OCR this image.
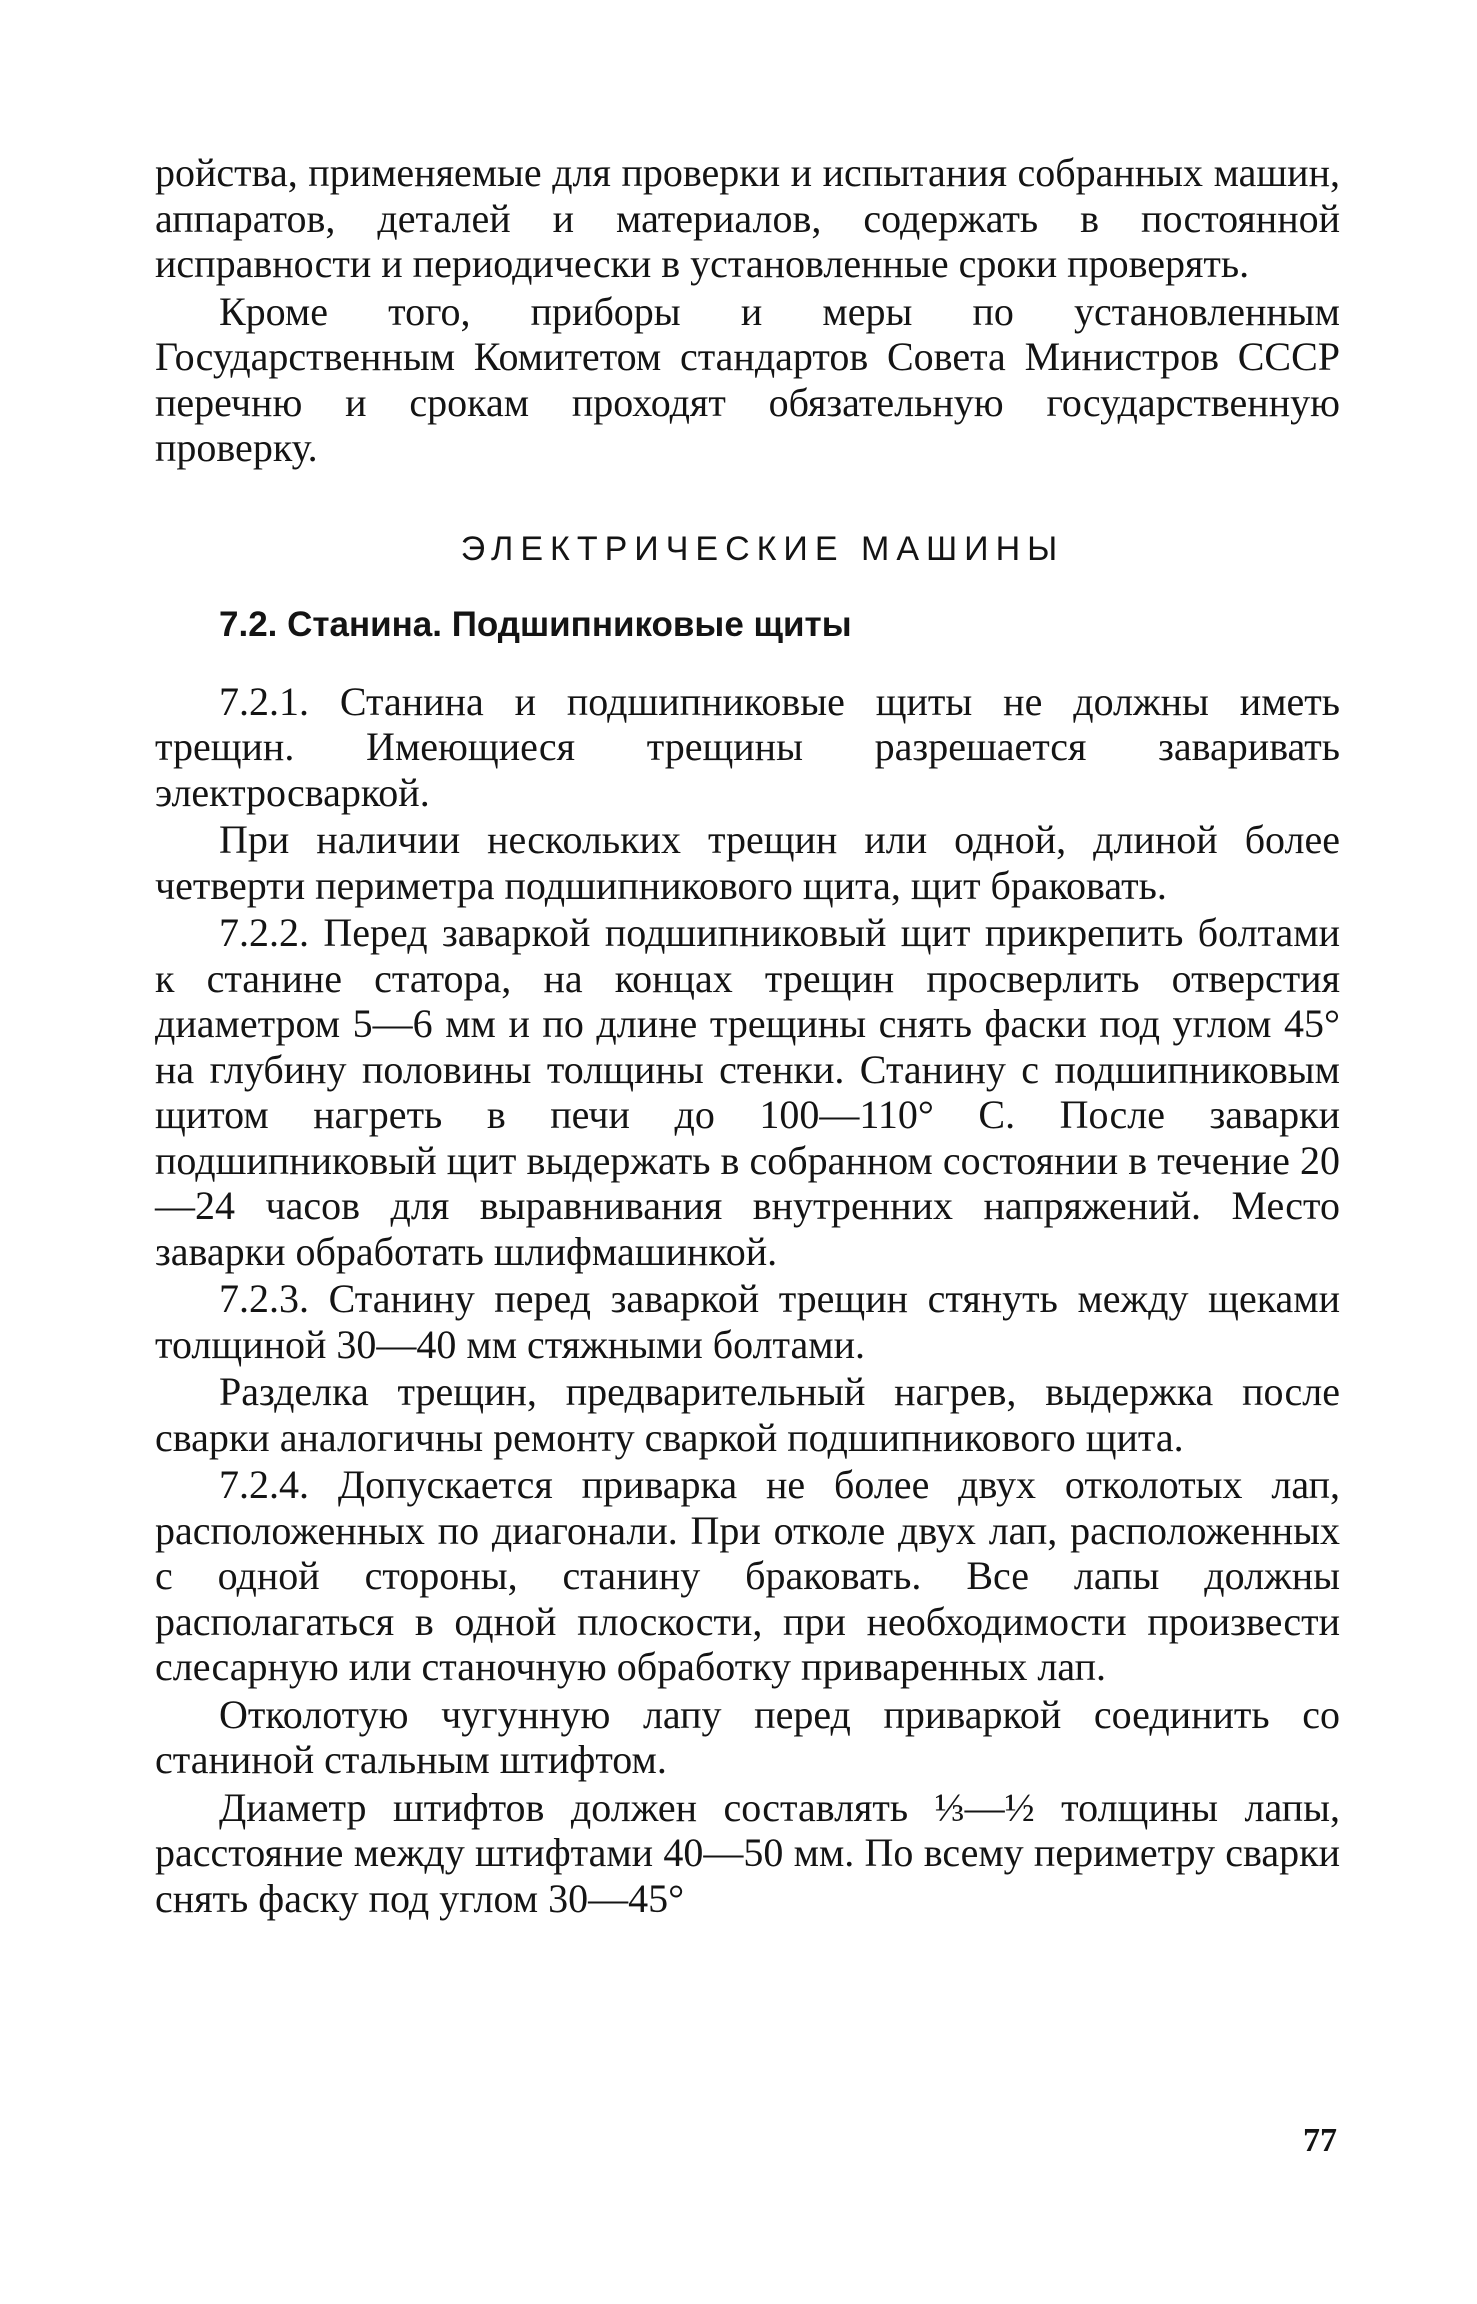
ройства, применяемые для проверки и испытания собранных машин, аппаратов, деталей и материалов, содержать в постоянной исправности и периодически в установленные сроки проверять.

Кроме того, приборы и меры по установленным Государственным Комитетом стандартов Совета Министров СССР перечню и срокам проходят обязательную государственную проверку.

ЭЛЕКТРИЧЕСКИЕ МАШИНЫ
7.2. Станина. Подшипниковые щиты

7.2.1. Станина и подшипниковые щиты не должны иметь трещин. Имеющиеся трещины разрешается заваривать электросваркой.

При наличии нескольких трещин или одной, длиной более четверти периметра подшипникового щита, щит браковать.

7.2.2. Перед заваркой подшипниковый щит прикрепить болтами к станине статора, на концах трещин просверлить отверстия диаметром 5—6 мм и по длине трещины снять фаски под углом 45° на глубину половины толщины стенки. Станину с подшипниковым щитом нагреть в печи до 100—110° С. После заварки подшипниковый щит выдержать в собранном состоянии в течение 20—24 часов для выравнивания внутренних напряжений. Место заварки обработать шлифмашинкой.

7.2.3. Станину перед заваркой трещин стянуть между щеками толщиной 30—40 мм стяжными болтами.

Разделка трещин, предварительный нагрев, выдержка после сварки аналогичны ремонту сваркой подшипникового щита.

7.2.4. Допускается приварка не более двух отколотых лап, расположенных по диагонали. При отколе двух лап, расположенных с одной стороны, станину браковать. Все лапы должны располагаться в одной плоскости, при необходимости произвести слесарную или станочную обработку приваренных лап.

Отколотую чугунную лапу перед приваркой соединить со станиной стальным штифтом.

Диаметр штифтов должен составлять ⅓—½ толщины лапы, расстояние между штифтами 40—50 мм. По всему периметру сварки снять фаску под углом 30—45°

77
